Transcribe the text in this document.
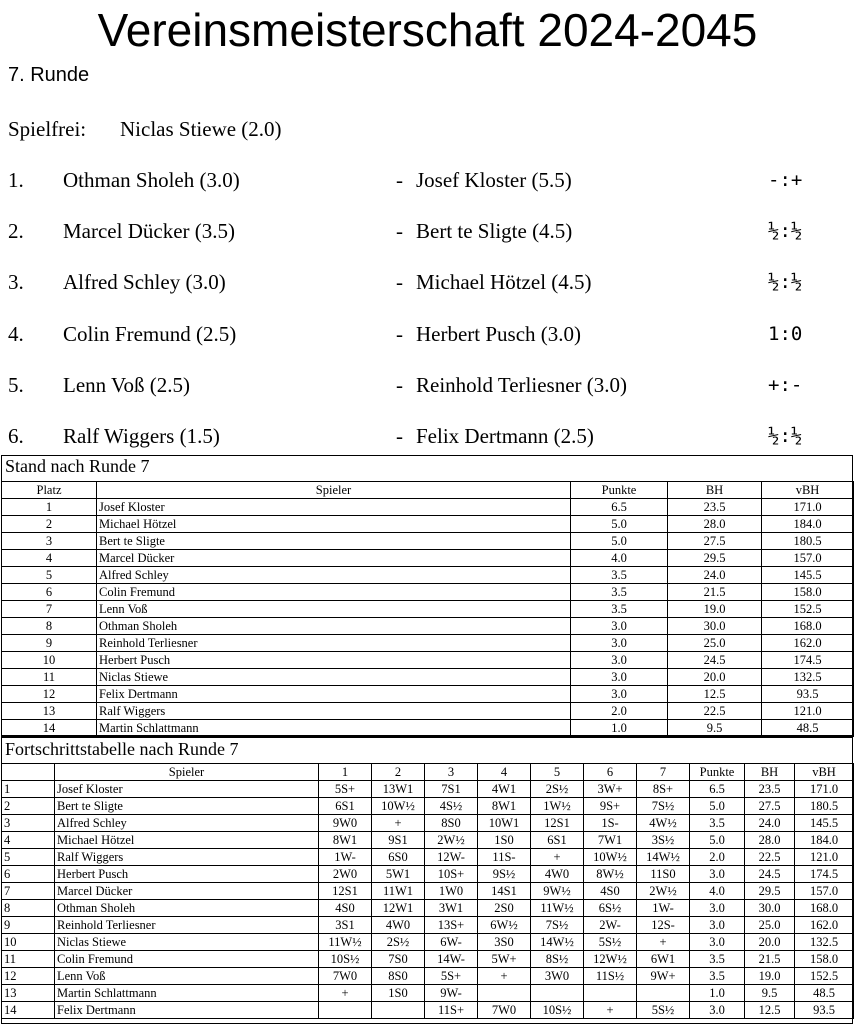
Vereinsmeisterschaft 2024-2045
7. Runde
Spielfrei: Niclas Stiewe (2.0)
1. Othman Sholeh (3.0)	- Josef Kloster (5.5)	-:+
2. Marcel Dücker (3.5)	- Bert te Sligte (4.5)	½:½
3. Alfred Schley (3.0)	- Michael Hötzel (4.5)	½:½
4. Colin Fremund (2.5)	- Herbert Pusch (3.0)	1:0
5. Lenn Voß (2.5)	- Reinhold Terliesner (3.0)	+:-
6. Ralf Wiggers (1.5)	- Felix Dertmann (2.5)	½:½
Stand nach Runde 7
Platz	Spieler	Punkte	BH	vBH
1	Josef Kloster	6.5	23.5	171.0
2	Michael Hötzel	5.0	28.0	184.0
3	Bert te Sligte	5.0	27.5	180.5
4	Marcel Dücker	4.0	29.5	157.0
5	Alfred Schley	3.5	24.0	145.5
6	Colin Fremund	3.5	21.5	158.0
7	Lenn Voß	3.5	19.0	152.5
8	Othman Sholeh	3.0	30.0	168.0
9	Reinhold Terliesner	3.0	25.0	162.0
10	Herbert Pusch	3.0	24.5	174.5
11	Niclas Stiewe	3.0	20.0	132.5
12	Felix Dertmann	3.0	12.5	93.5
13	Ralf Wiggers	2.0	22.5	121.0
14	Martin Schlattmann	1.0	9.5	48.5
Fortschrittstabelle nach Runde 7
	Spieler	1	2	3	4	5	6	7	Punkte	BH	vBH
1	Josef Kloster	5S+	13W1	7S1	4W1	2S½	3W+	8S+	6.5	23.5	171.0
2	Bert te Sligte	6S1	10W½	4S½	8W1	1W½	9S+	7S½	5.0	27.5	180.5
3	Alfred Schley	9W0	+	8S0	10W1	12S1	1S-	4W½	3.5	24.0	145.5
4	Michael Hötzel	8W1	9S1	2W½	1S0	6S1	7W1	3S½	5.0	28.0	184.0
5	Ralf Wiggers	1W-	6S0	12W-	11S-	+	10W½	14W½	2.0	22.5	121.0
6	Herbert Pusch	2W0	5W1	10S+	9S½	4W0	8W½	11S0	3.0	24.5	174.5
7	Marcel Dücker	12S1	11W1	1W0	14S1	9W½	4S0	2W½	4.0	29.5	157.0
8	Othman Sholeh	4S0	12W1	3W1	2S0	11W½	6S½	1W-	3.0	30.0	168.0
9	Reinhold Terliesner	3S1	4W0	13S+	6W½	7S½	2W-	12S-	3.0	25.0	162.0
10	Niclas Stiewe	11W½	2S½	6W-	3S0	14W½	5S½	+	3.0	20.0	132.5
11	Colin Fremund	10S½	7S0	14W-	5W+	8S½	12W½	6W1	3.5	21.5	158.0
12	Lenn Voß	7W0	8S0	5S+	+	3W0	11S½	9W+	3.5	19.0	152.5
13	Martin Schlattmann	+	1S0	9W-					1.0	9.5	48.5
14	Felix Dertmann			11S+	7W0	10S½	+	5S½	3.0	12.5	93.5
